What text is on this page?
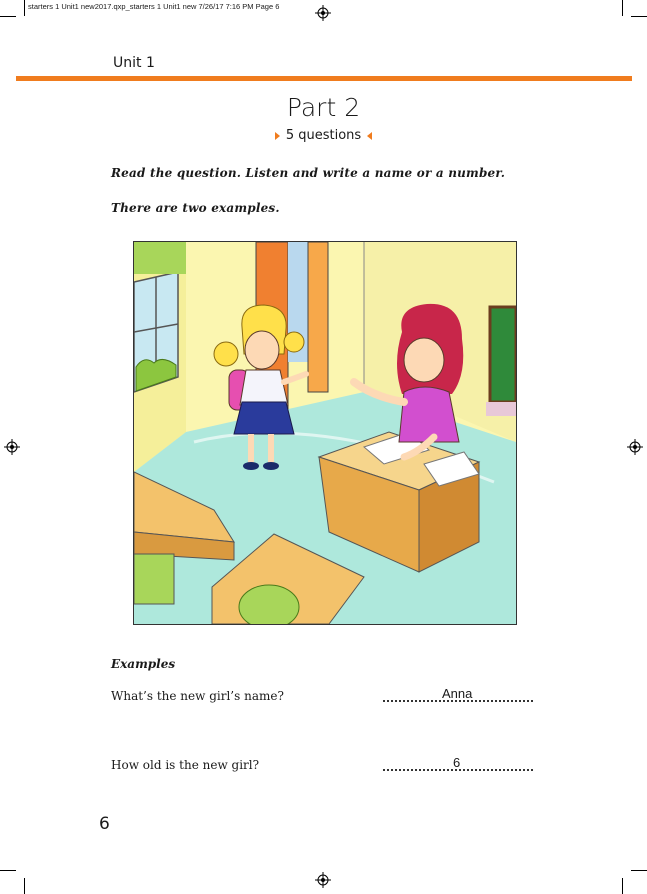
starters 1 Unit1 new2017.qxp_starters 1 Unit1 new 7/26/17 7:16 PM Page 6
Unit 1
Part 2
5 questions
Read the question. Listen and write a name or a number.
There are two examples.
Examples
What’s the new girl’s name?	Anna
How old is the new girl?	6
6
